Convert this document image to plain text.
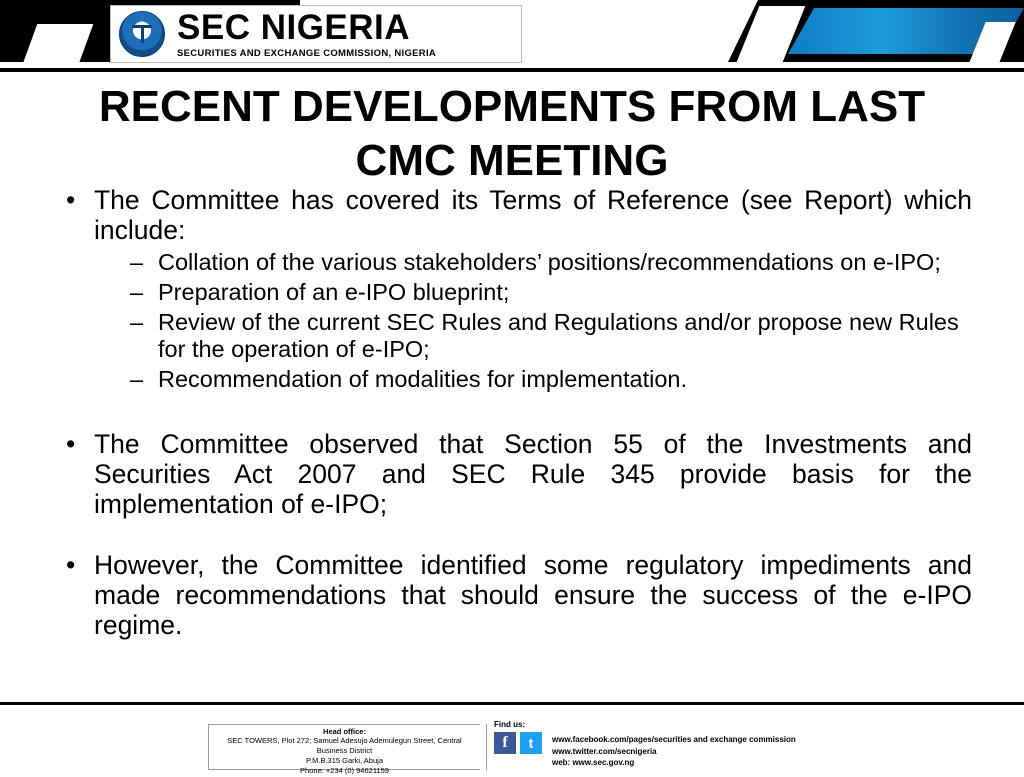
SEC NIGERIA
SECURITIES AND EXCHANGE COMMISSION, NIGERIA
RECENT DEVELOPMENTS FROM LAST CMC MEETING
• The Committee has covered its Terms of Reference (see Report) which include:
– Collation of the various stakeholders’ positions/recommendations on e-IPO;
– Preparation of an e-IPO blueprint;
– Review of the current SEC Rules and Regulations and/or propose new Rules for the operation of e-IPO;
– Recommendation of modalities for implementation.
• The Committee observed that Section 55 of the Investments and Securities Act 2007 and SEC Rule 345 provide basis for the implementation of e-IPO;
• However, the Committee identified some regulatory impediments and made recommendations that should ensure the success of the e-IPO regime.
Head office:
SEC TOWERS, Plot 272; Samuel Adesujo Ademulegun Street, Central
Business District
P.M.B.315 Garki, Abuja
Phone: +234 (0) 94621159
Find us:
f	t	www.facebook.com/pages/securities and exchange commission
www.twitter.com/secnigeria
web: www.sec.gov.ng
